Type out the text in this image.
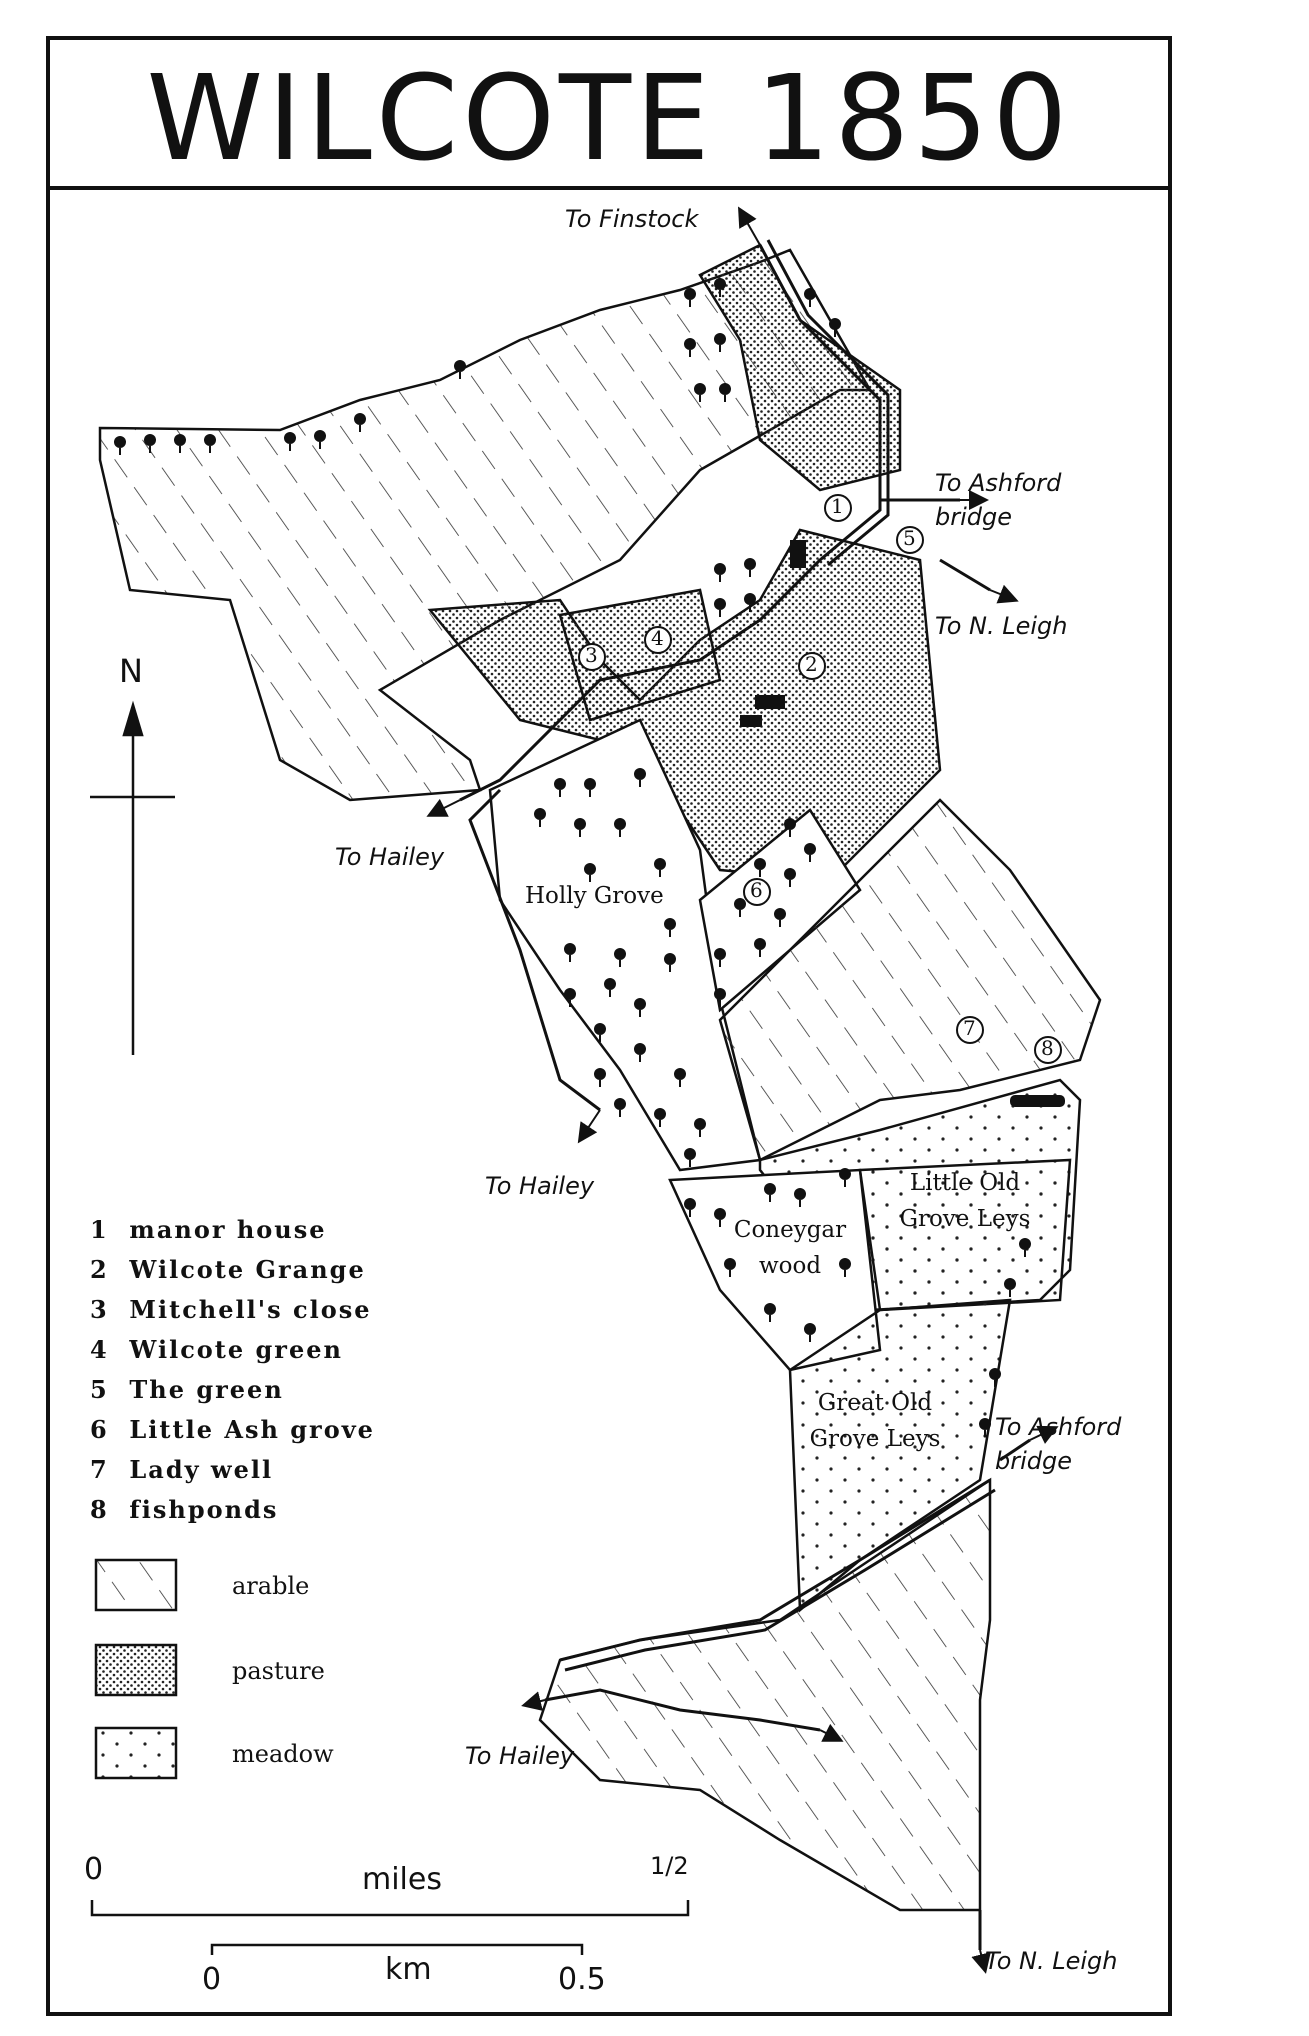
WILCOTE 1850
To Finstock
To Ashford bridge
To N. Leigh
To Hailey
To Hailey
To Ashford bridge
To Hailey
To N. Leigh
Holly Grove
Coneygar
wood
Little Old
Grove Leys
Great Old
Grove Leys
N
1
2
3
4
5
6
7
8
1 manor house
2 Wilcote Grange
3 Mitchell's close
4 Wilcote green
5 The green
6 Little Ash grove
7 Lady well
8 fishponds
arable
pasture
meadow
0	miles	1/2
0	km	0.5
